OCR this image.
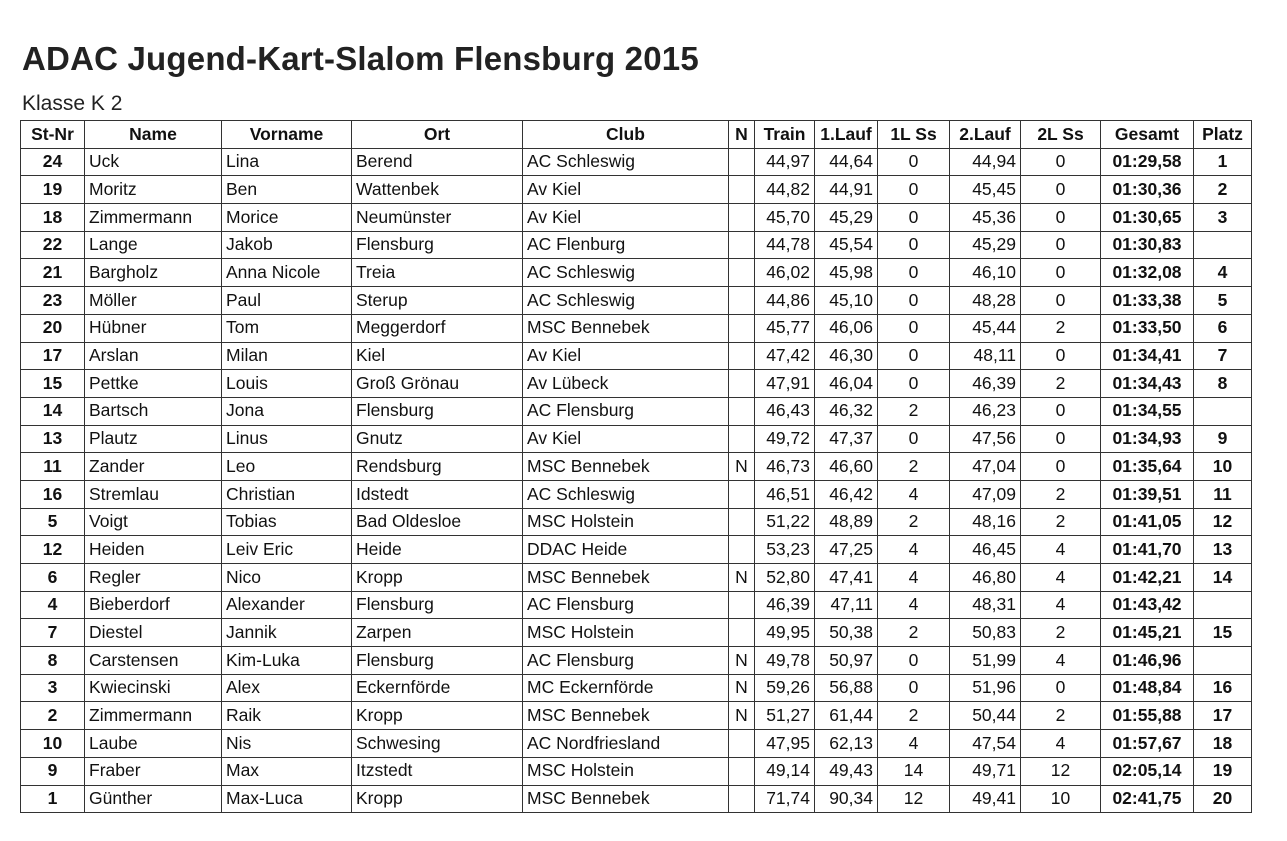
ADAC Jugend-Kart-Slalom Flensburg 2015
Klasse K 2
St-Nr	Name	Vorname	Ort	Club	N	Train	1.Lauf	1L Ss	2.Lauf	2L Ss	Gesamt	Platz
24	Uck	Lina	Berend	AC Schleswig		44,97	44,64	0	44,94	0	01:29,58	1
19	Moritz	Ben	Wattenbek	Av Kiel		44,82	44,91	0	45,45	0	01:30,36	2
18	Zimmermann	Morice	Neumünster	Av Kiel		45,70	45,29	0	45,36	0	01:30,65	3
22	Lange	Jakob	Flensburg	AC Flenburg		44,78	45,54	0	45,29	0	01:30,83	
21	Bargholz	Anna Nicole	Treia	AC Schleswig		46,02	45,98	0	46,10	0	01:32,08	4
23	Möller	Paul	Sterup	AC Schleswig		44,86	45,10	0	48,28	0	01:33,38	5
20	Hübner	Tom	Meggerdorf	MSC Bennebek		45,77	46,06	0	45,44	2	01:33,50	6
17	Arslan	Milan	Kiel	Av Kiel		47,42	46,30	0	48,11	0	01:34,41	7
15	Pettke	Louis	Groß Grönau	Av Lübeck		47,91	46,04	0	46,39	2	01:34,43	8
14	Bartsch	Jona	Flensburg	AC Flensburg		46,43	46,32	2	46,23	0	01:34,55	
13	Plautz	Linus	Gnutz	Av Kiel		49,72	47,37	0	47,56	0	01:34,93	9
11	Zander	Leo	Rendsburg	MSC Bennebek	N	46,73	46,60	2	47,04	0	01:35,64	10
16	Stremlau	Christian	Idstedt	AC Schleswig		46,51	46,42	4	47,09	2	01:39,51	11
5	Voigt	Tobias	Bad Oldesloe	MSC Holstein		51,22	48,89	2	48,16	2	01:41,05	12
12	Heiden	Leiv Eric	Heide	DDAC Heide		53,23	47,25	4	46,45	4	01:41,70	13
6	Regler	Nico	Kropp	MSC Bennebek	N	52,80	47,41	4	46,80	4	01:42,21	14
4	Bieberdorf	Alexander	Flensburg	AC Flensburg		46,39	47,11	4	48,31	4	01:43,42	
7	Diestel	Jannik	Zarpen	MSC Holstein		49,95	50,38	2	50,83	2	01:45,21	15
8	Carstensen	Kim-Luka	Flensburg	AC Flensburg	N	49,78	50,97	0	51,99	4	01:46,96	
3	Kwiecinski	Alex	Eckernförde	MC Eckernförde	N	59,26	56,88	0	51,96	0	01:48,84	16
2	Zimmermann	Raik	Kropp	MSC Bennebek	N	51,27	61,44	2	50,44	2	01:55,88	17
10	Laube	Nis	Schwesing	AC Nordfriesland		47,95	62,13	4	47,54	4	01:57,67	18
9	Fraber	Max	Itzstedt	MSC Holstein		49,14	49,43	14	49,71	12	02:05,14	19
1	Günther	Max-Luca	Kropp	MSC Bennebek		71,74	90,34	12	49,41	10	02:41,75	20
